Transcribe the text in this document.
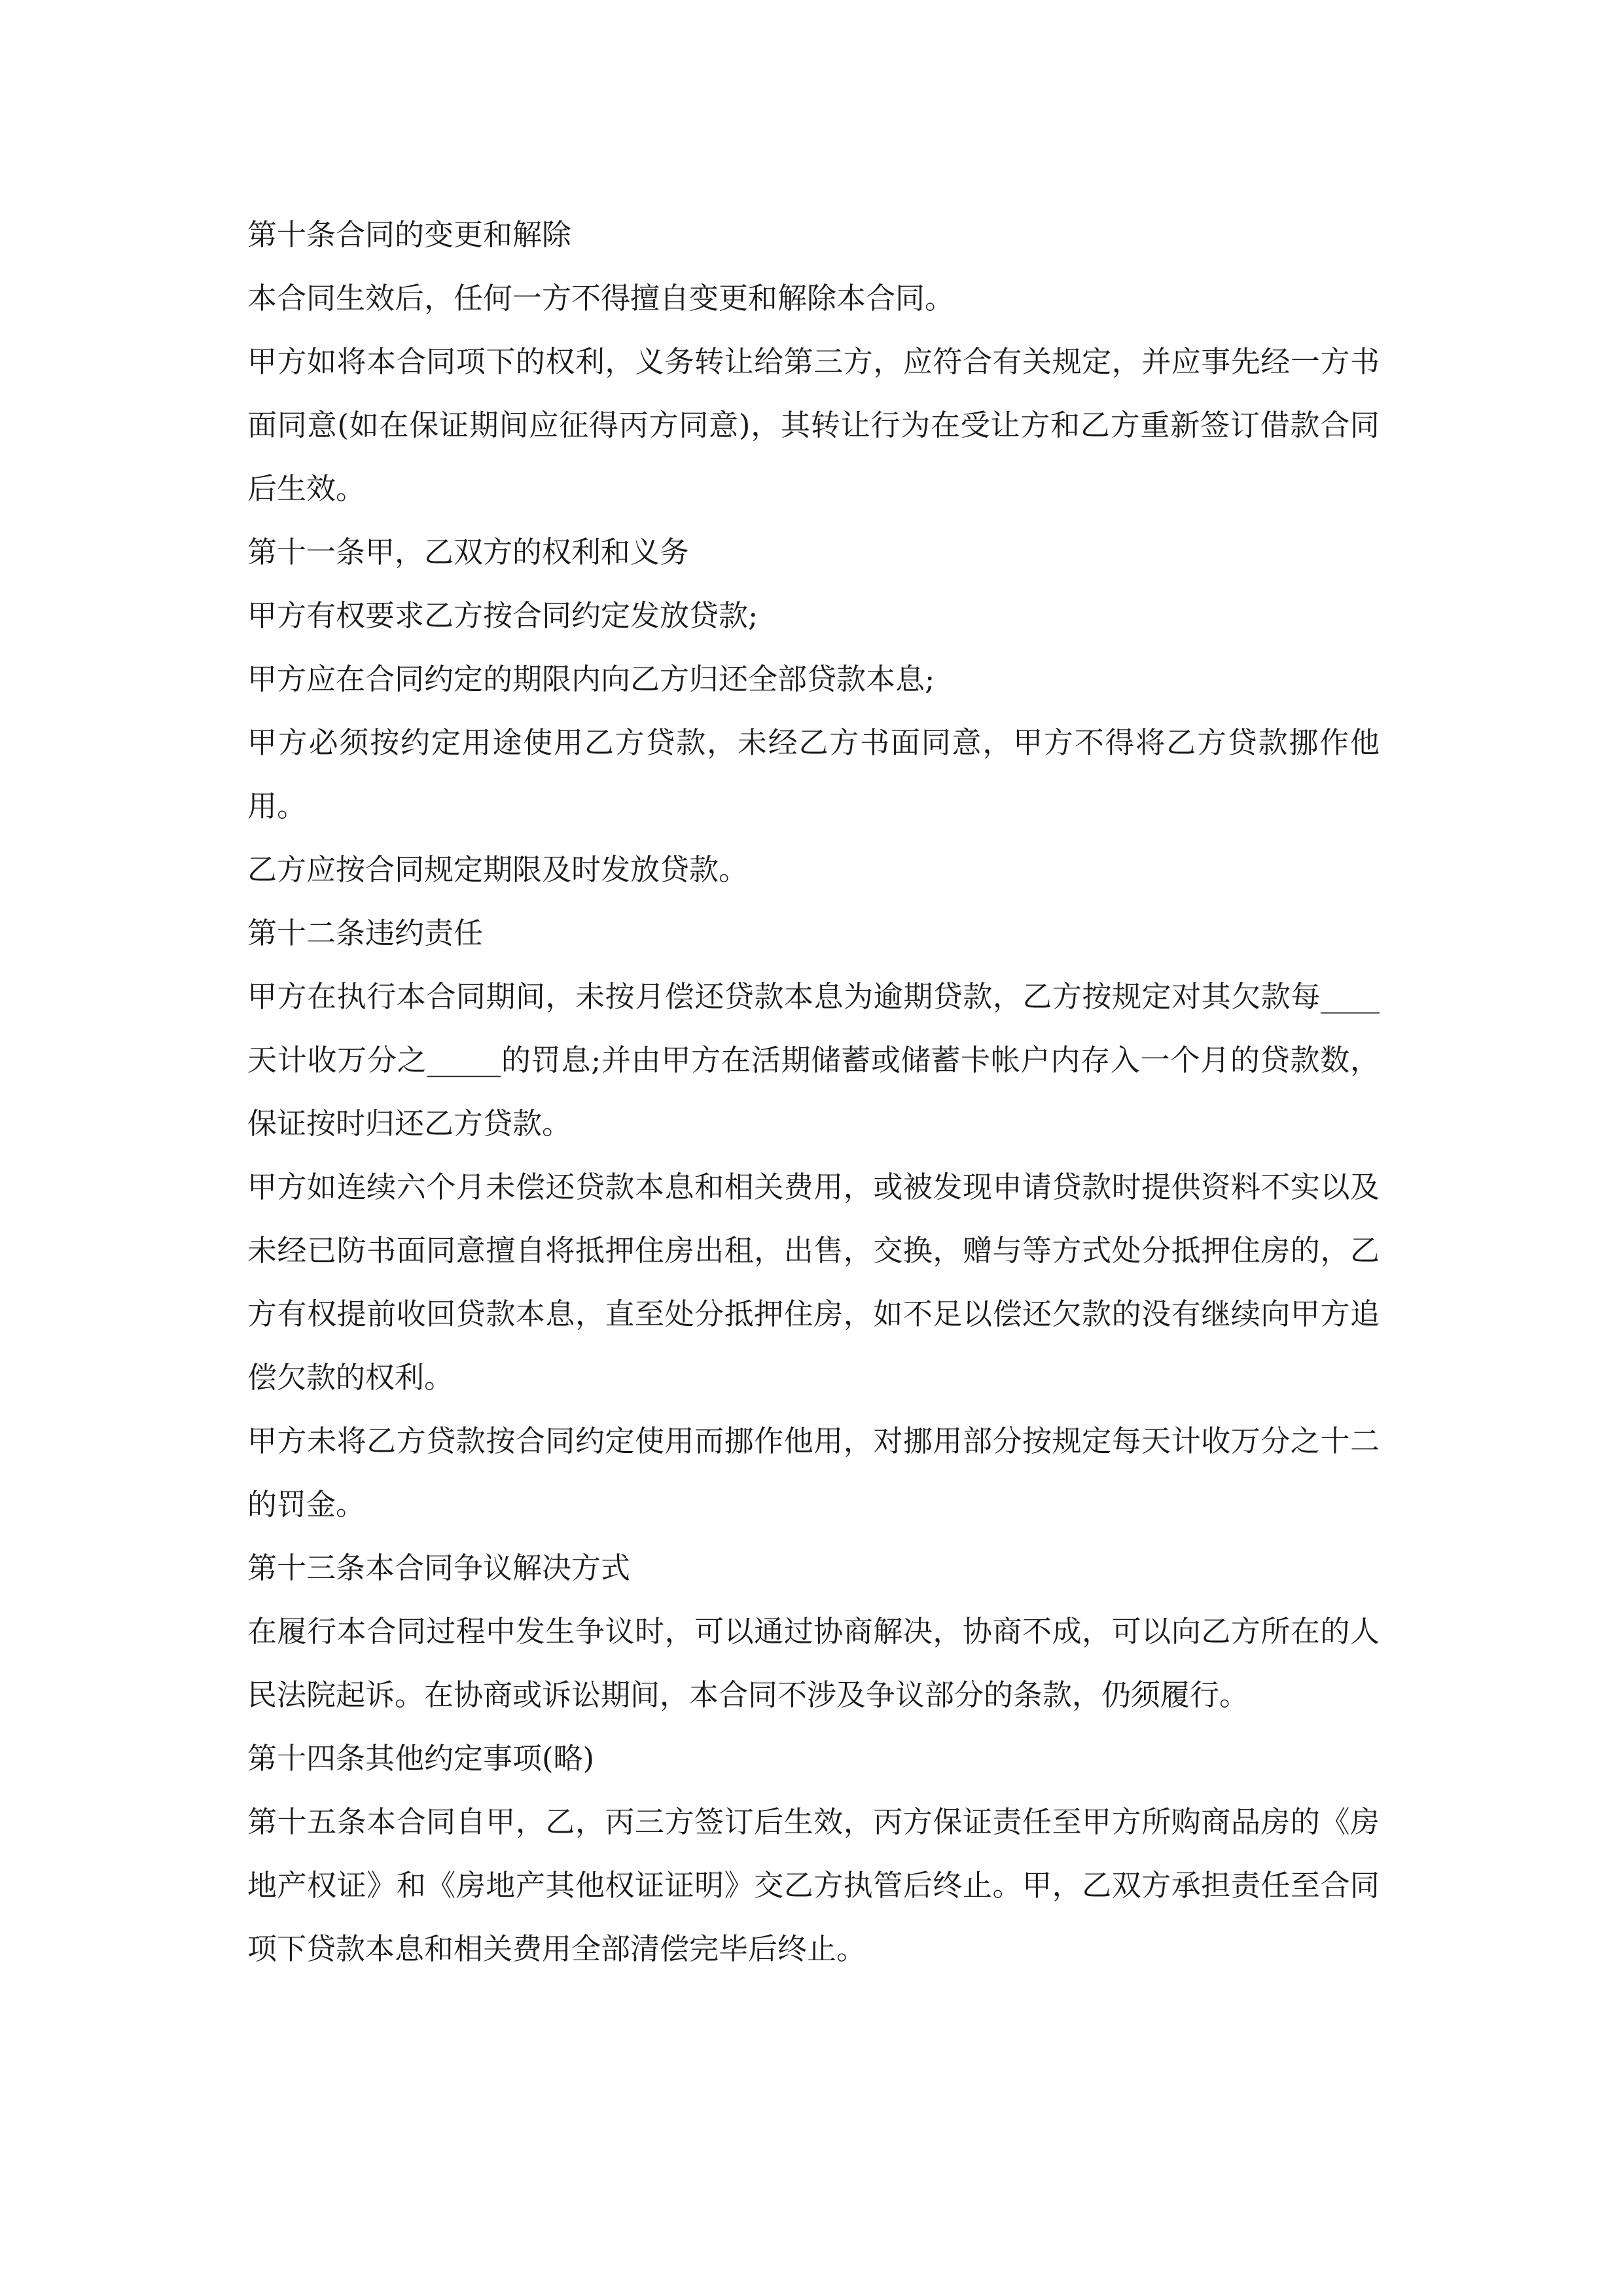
第十条合同的变更和解除

本合同生效后，任何一方不得擅自变更和解除本合同。

甲方如将本合同项下的权利，义务转让给第三方，应符合有关规定，并应事先经一方书面同意(如在保证期间应征得丙方同意)，其转让行为在受让方和乙方重新签订借款合同后生效。

第十一条甲，乙双方的权利和义务

甲方有权要求乙方按合同约定发放贷款;

甲方应在合同约定的期限内向乙方归还全部贷款本息;

甲方必须按约定用途使用乙方贷款，未经乙方书面同意，甲方不得将乙方贷款挪作他用。

乙方应按合同规定期限及时发放贷款。

第十二条违约责任

甲方在执行本合同期间，未按月偿还贷款本息为逾期贷款，乙方按规定对其欠款每____天计收万分之_____的罚息;并由甲方在活期储蓄或储蓄卡帐户内存入一个月的贷款数，保证按时归还乙方贷款。

甲方如连续六个月未偿还贷款本息和相关费用，或被发现申请贷款时提供资料不实以及未经已防书面同意擅自将抵押住房出租，出售，交换，赠与等方式处分抵押住房的，乙方有权提前收回贷款本息，直至处分抵押住房，如不足以偿还欠款的没有继续向甲方追偿欠款的权利。

甲方未将乙方贷款按合同约定使用而挪作他用，对挪用部分按规定每天计收万分之十二的罚金。

第十三条本合同争议解决方式

在履行本合同过程中发生争议时，可以通过协商解决，协商不成，可以向乙方所在的人民法院起诉。在协商或诉讼期间，本合同不涉及争议部分的条款，仍须履行。

第十四条其他约定事项(略)

第十五条本合同自甲，乙，丙三方签订后生效，丙方保证责任至甲方所购商品房的《房地产权证》和《房地产其他权证证明》交乙方执管后终止。甲，乙双方承担责任至合同项下贷款本息和相关费用全部清偿完毕后终止。
